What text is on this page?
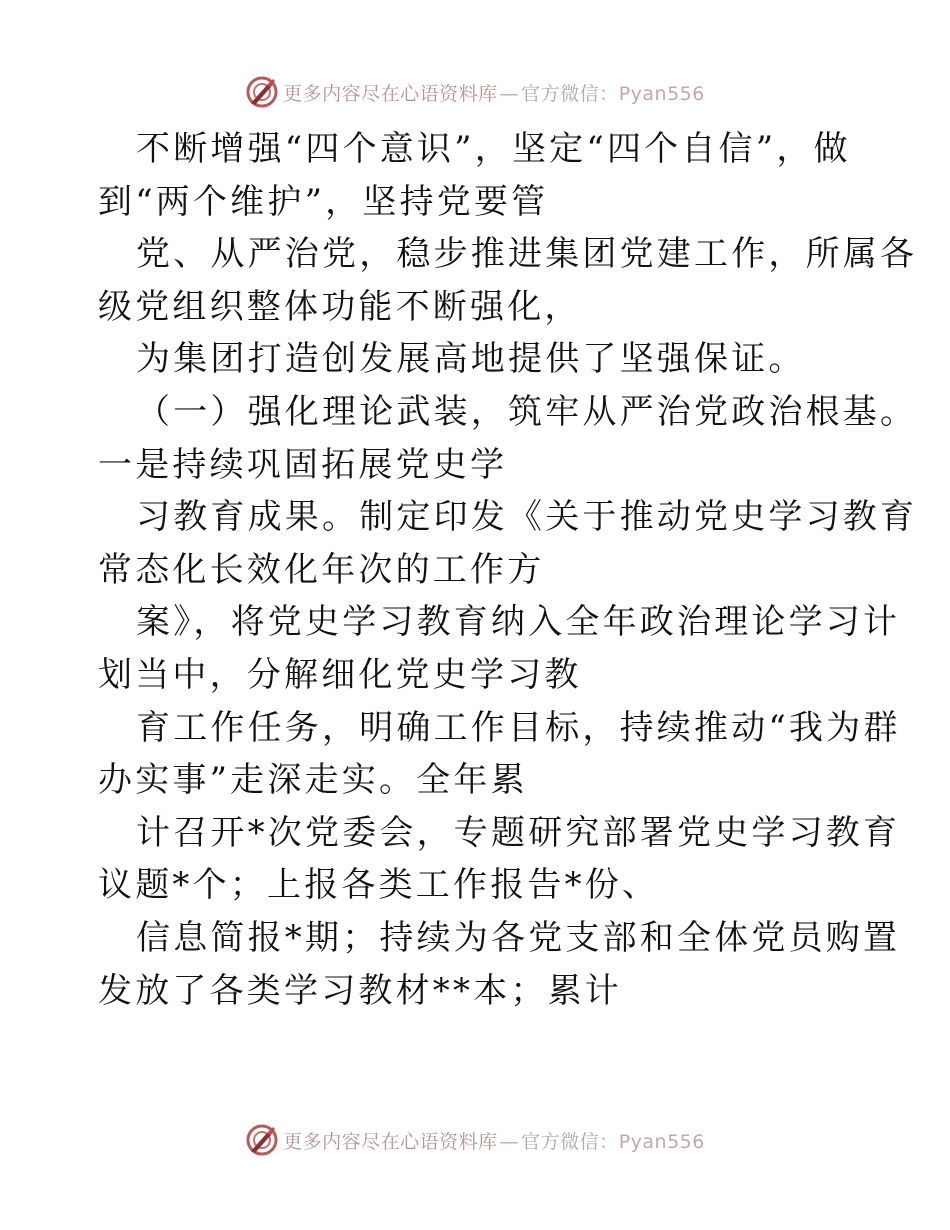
更多内容尽在心语资料库 — 官方微信：Pyan556
不断增强“四个意识”，坚定“四个自信”，做
到“两个维护”，坚持党要管
党、从严治党，稳步推进集团党建工作，所属各
级党组织整体功能不断强化，
为集团打造创发展高地提供了坚强保证。
（一）强化理论武装，筑牢从严治党政治根基。
一是持续巩固拓展党史学
习教育成果。制定印发《关于推动党史学习教育
常态化长效化年次的工作方
案》，将党史学习教育纳入全年政治理论学习计
划当中，分解细化党史学习教
育工作任务，明确工作目标，持续推动“我为群
办实事”走深走实。全年累
计召开*次党委会，专题研究部署党史学习教育
议题*个；上报各类工作报告*份、
信息简报*期；持续为各党支部和全体党员购置
发放了各类学习教材**本；累计
更多内容尽在心语资料库 — 官方微信：Pyan556
